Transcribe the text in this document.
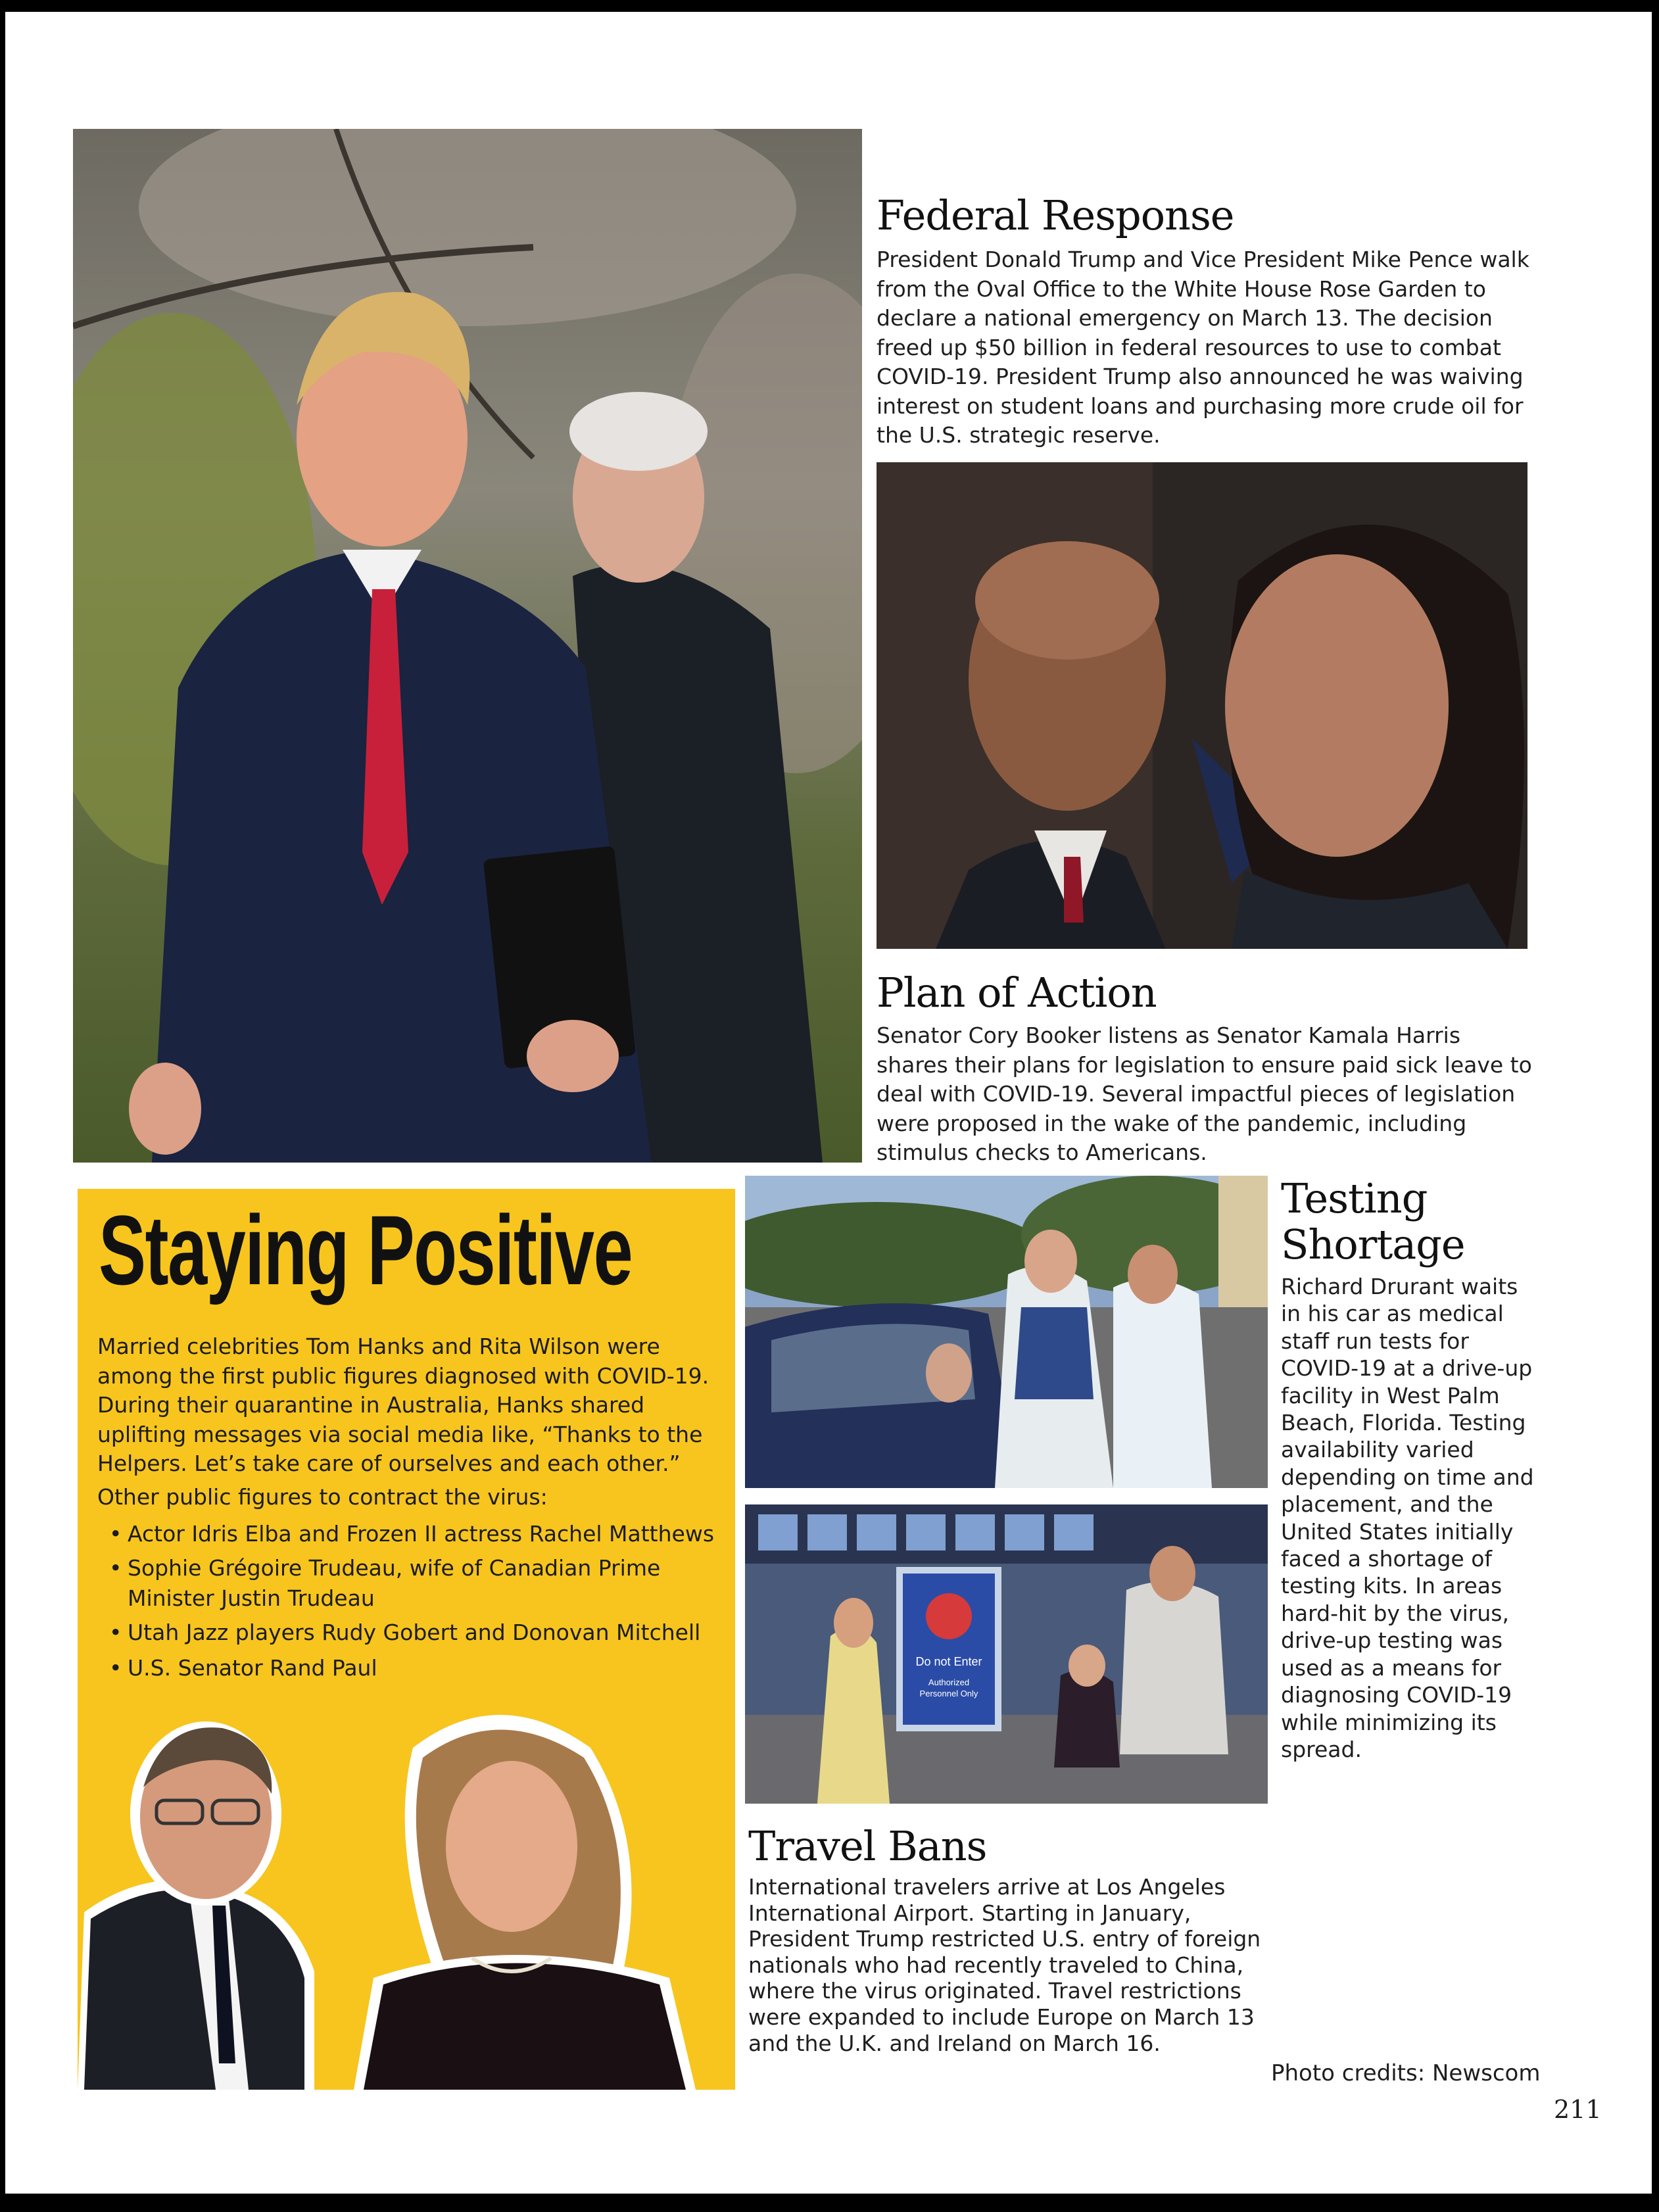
Federal Response

President Donald Trump and Vice President Mike Pence walk from the Oval Office to the White House Rose Garden to declare a national emergency on March 13. The decision freed up $50 billion in federal resources to use to combat COVID-19. President Trump also announced he was waiving interest on student loans and purchasing more crude oil for the U.S. strategic reserve.

Plan of Action

Senator Cory Booker listens as Senator Kamala Harris shares their plans for legislation to ensure paid sick leave to deal with COVID-19. Several impactful pieces of legislation were proposed in the wake of the pandemic, including stimulus checks to Americans.

Staying Positive

Married celebrities Tom Hanks and Rita Wilson were among the first public figures diagnosed with COVID-19. During their quarantine in Australia, Hanks shared uplifting messages via social media like, “Thanks to the Helpers. Let’s take care of ourselves and each other.”

Other public figures to contract the virus:

• Actor Idris Elba and Frozen II actress Rachel Matthews
• Sophie Grégoire Trudeau, wife of Canadian Prime Minister Justin Trudeau
• Utah Jazz players Rudy Gobert and Donovan Mitchell
• U.S. Senator Rand Paul
Testing
Shortage

Richard Drurant waits in his car as medical staff run tests for COVID-19 at a drive-up facility in West Palm Beach, Florida. Testing availability varied depending on time and placement, and the United States initially faced a shortage of testing kits. In areas hard-hit by the virus, drive-up testing was used as a means for diagnosing COVID-19 while minimizing its spread.

Do not Enter
Authorized
Personnel Only
Travel Bans

International travelers arrive at Los Angeles International Airport. Starting in January, President Trump restricted U.S. entry of foreign nationals who had recently traveled to China, where the virus originated. Travel restrictions were expanded to include Europe on March 13 and the U.K. and Ireland on March 16.

Photo credits: Newscom

211
